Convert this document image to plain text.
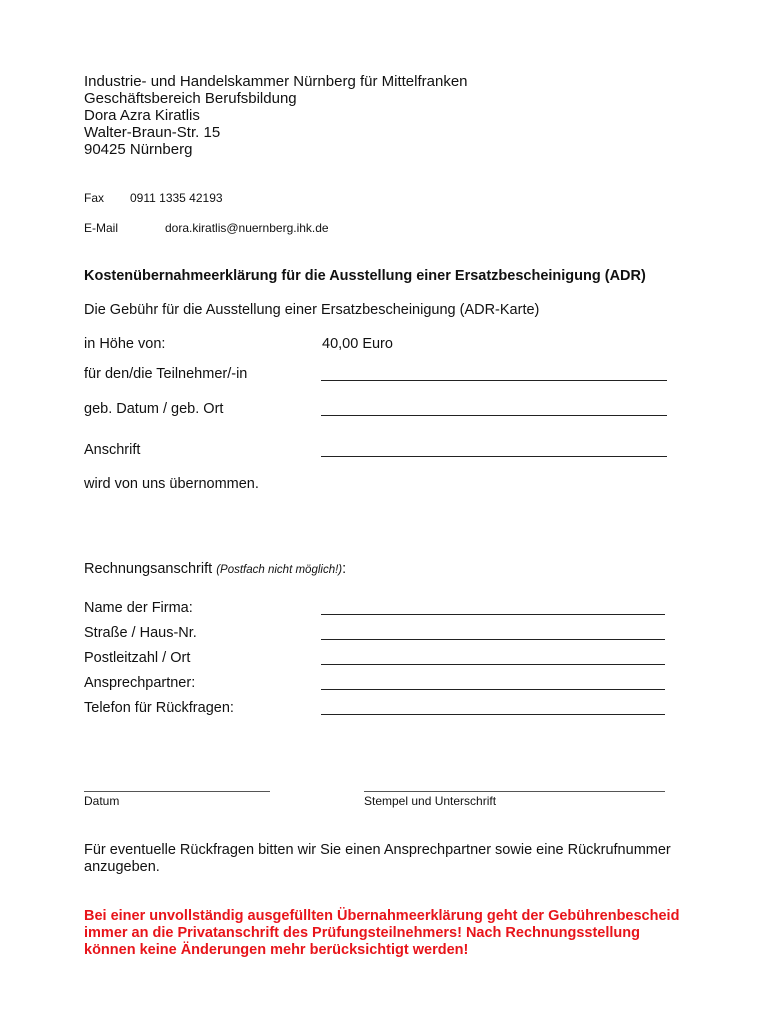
Industrie- und Handelskammer Nürnberg für Mittelfranken
Geschäftsbereich Berufsbildung
Dora Azra Kiratlis
Walter-Braun-Str. 15
90425 Nürnberg
Fax 0911 1335 42193
E-Mail	dora.kiratlis@nuernberg.ihk.de
Kostenübernahmeerklärung für die Ausstellung einer Ersatzbescheinigung (ADR)
Die Gebühr für die Ausstellung einer Ersatzbescheinigung (ADR-Karte)
in Höhe von:	40,00 Euro
für den/die Teilnehmer/-in
geb. Datum / geb. Ort
Anschrift
wird von uns übernommen.
Rechnungsanschrift (Postfach nicht möglich!):
Name der Firma:
Straße / Haus-Nr.
Postleitzahl / Ort
Ansprechpartner:
Telefon für Rückfragen:
Datum	Stempel und Unterschrift
Für eventuelle Rückfragen bitten wir Sie einen Ansprechpartner sowie eine Rückrufnummer
anzugeben.
Bei einer unvollständig ausgefüllten Übernahmeerklärung geht der Gebührenbescheid
immer an die Privatanschrift des Prüfungsteilnehmers! Nach Rechnungsstellung
können keine Änderungen mehr berücksichtigt werden!
